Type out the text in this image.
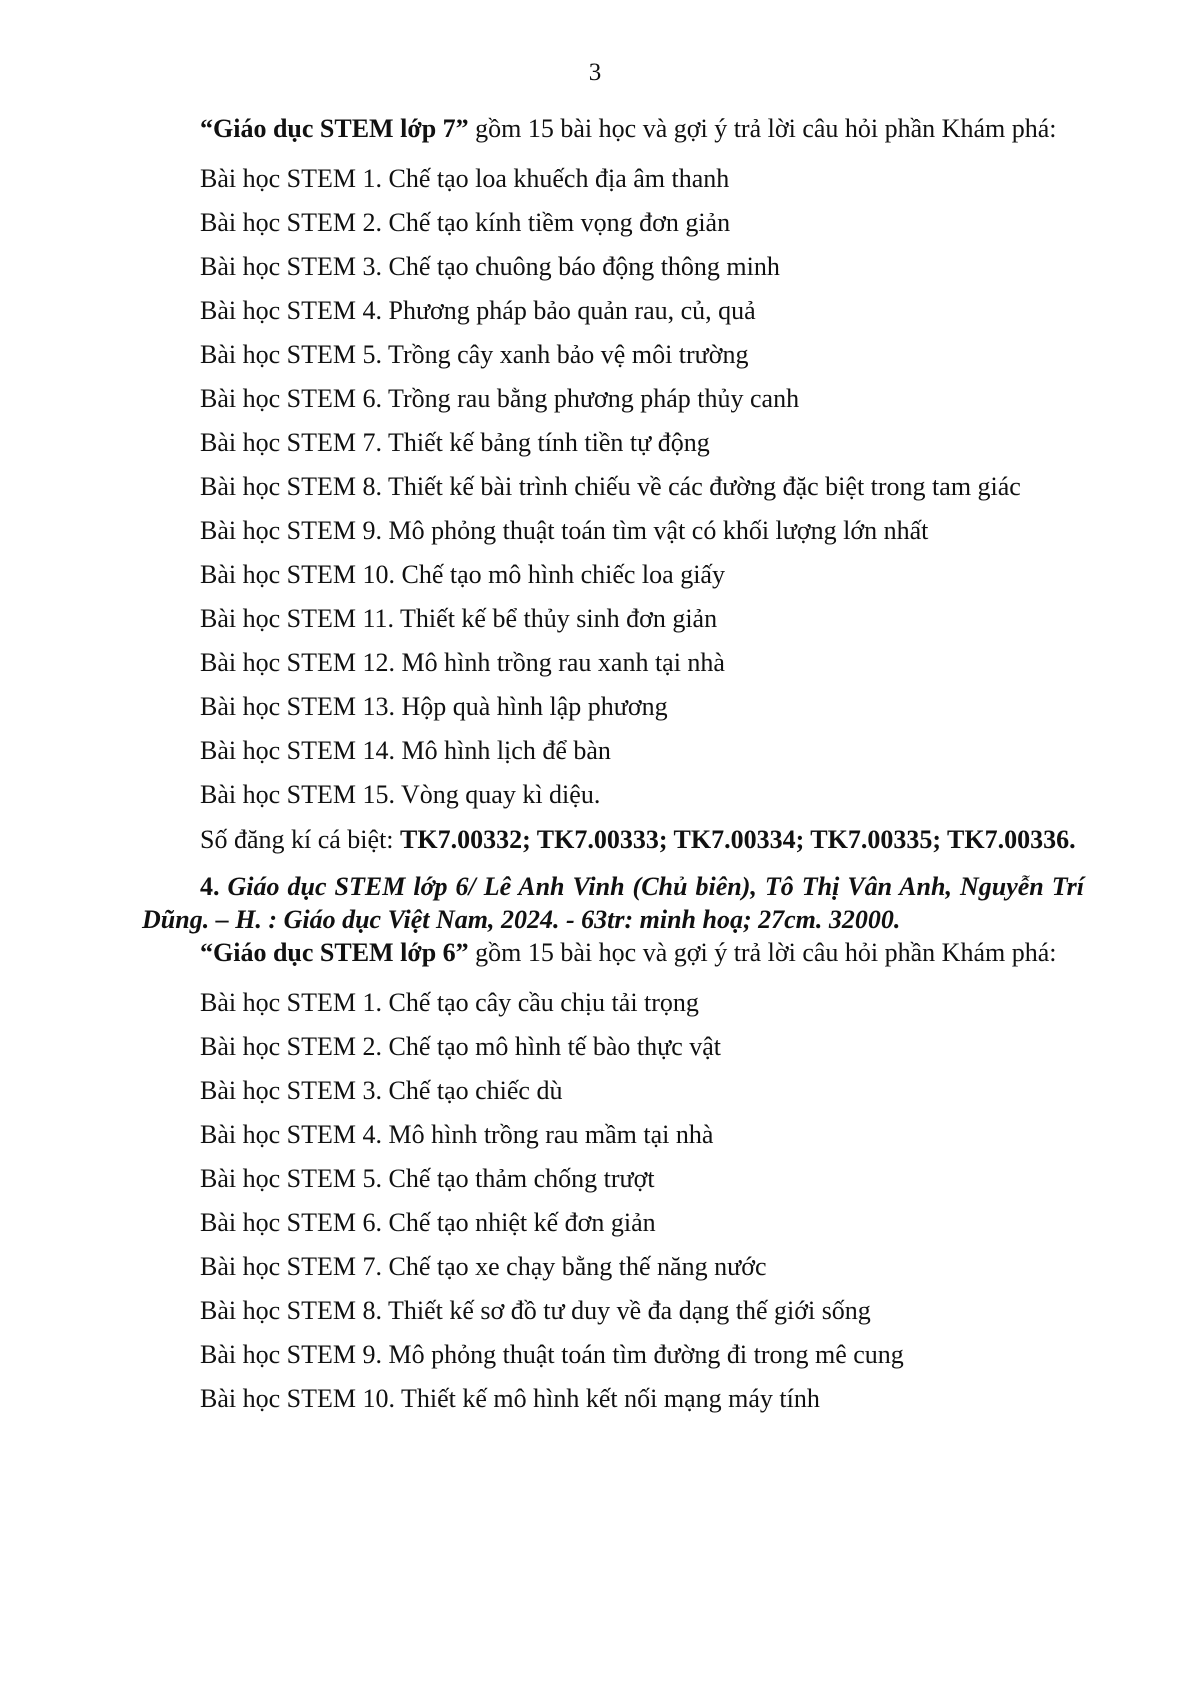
3

“Giáo dục STEM lớp 7” gồm 15 bài học và gợi ý trả lời câu hỏi phần Khám phá:

Bài học STEM 1. Chế tạo loa khuếch địa âm thanh

Bài học STEM 2. Chế tạo kính tiềm vọng đơn giản

Bài học STEM 3. Chế tạo chuông báo động thông minh

Bài học STEM 4. Phương pháp bảo quản rau, củ, quả

Bài học STEM 5. Trồng cây xanh bảo vệ môi trường

Bài học STEM 6. Trồng rau bằng phương pháp thủy canh

Bài học STEM 7. Thiết kế bảng tính tiền tự động

Bài học STEM 8. Thiết kế bài trình chiếu về các đường đặc biệt trong tam giác

Bài học STEM 9. Mô phỏng thuật toán tìm vật có khối lượng lớn nhất

Bài học STEM 10. Chế tạo mô hình chiếc loa giấy

Bài học STEM 11. Thiết kế bể thủy sinh đơn giản

Bài học STEM 12. Mô hình trồng rau xanh tại nhà

Bài học STEM 13. Hộp quà hình lập phương

Bài học STEM 14. Mô hình lịch để bàn

Bài học STEM 15. Vòng quay kì diệu.

Số đăng kí cá biệt: TK7.00332; TK7.00333; TK7.00334; TK7.00335; TK7.00336.

4. Giáo dục STEM lớp 6/ Lê Anh Vinh (Chủ biên), Tô Thị Vân Anh, Nguyễn Trí Dũng. – H. : Giáo dục Việt Nam, 2024. - 63tr: minh hoạ; 27cm. 32000.

“Giáo dục STEM lớp 6” gồm 15 bài học và gợi ý trả lời câu hỏi phần Khám phá:

Bài học STEM 1. Chế tạo cây cầu chịu tải trọng

Bài học STEM 2. Chế tạo mô hình tế bào thực vật

Bài học STEM 3. Chế tạo chiếc dù

Bài học STEM 4. Mô hình trồng rau mầm tại nhà

Bài học STEM 5. Chế tạo thảm chống trượt

Bài học STEM 6. Chế tạo nhiệt kế đơn giản

Bài học STEM 7. Chế tạo xe chạy bằng thế năng nước

Bài học STEM 8. Thiết kế sơ đồ tư duy về đa dạng thế giới sống

Bài học STEM 9. Mô phỏng thuật toán tìm đường đi trong mê cung

Bài học STEM 10. Thiết kế mô hình kết nối mạng máy tính
